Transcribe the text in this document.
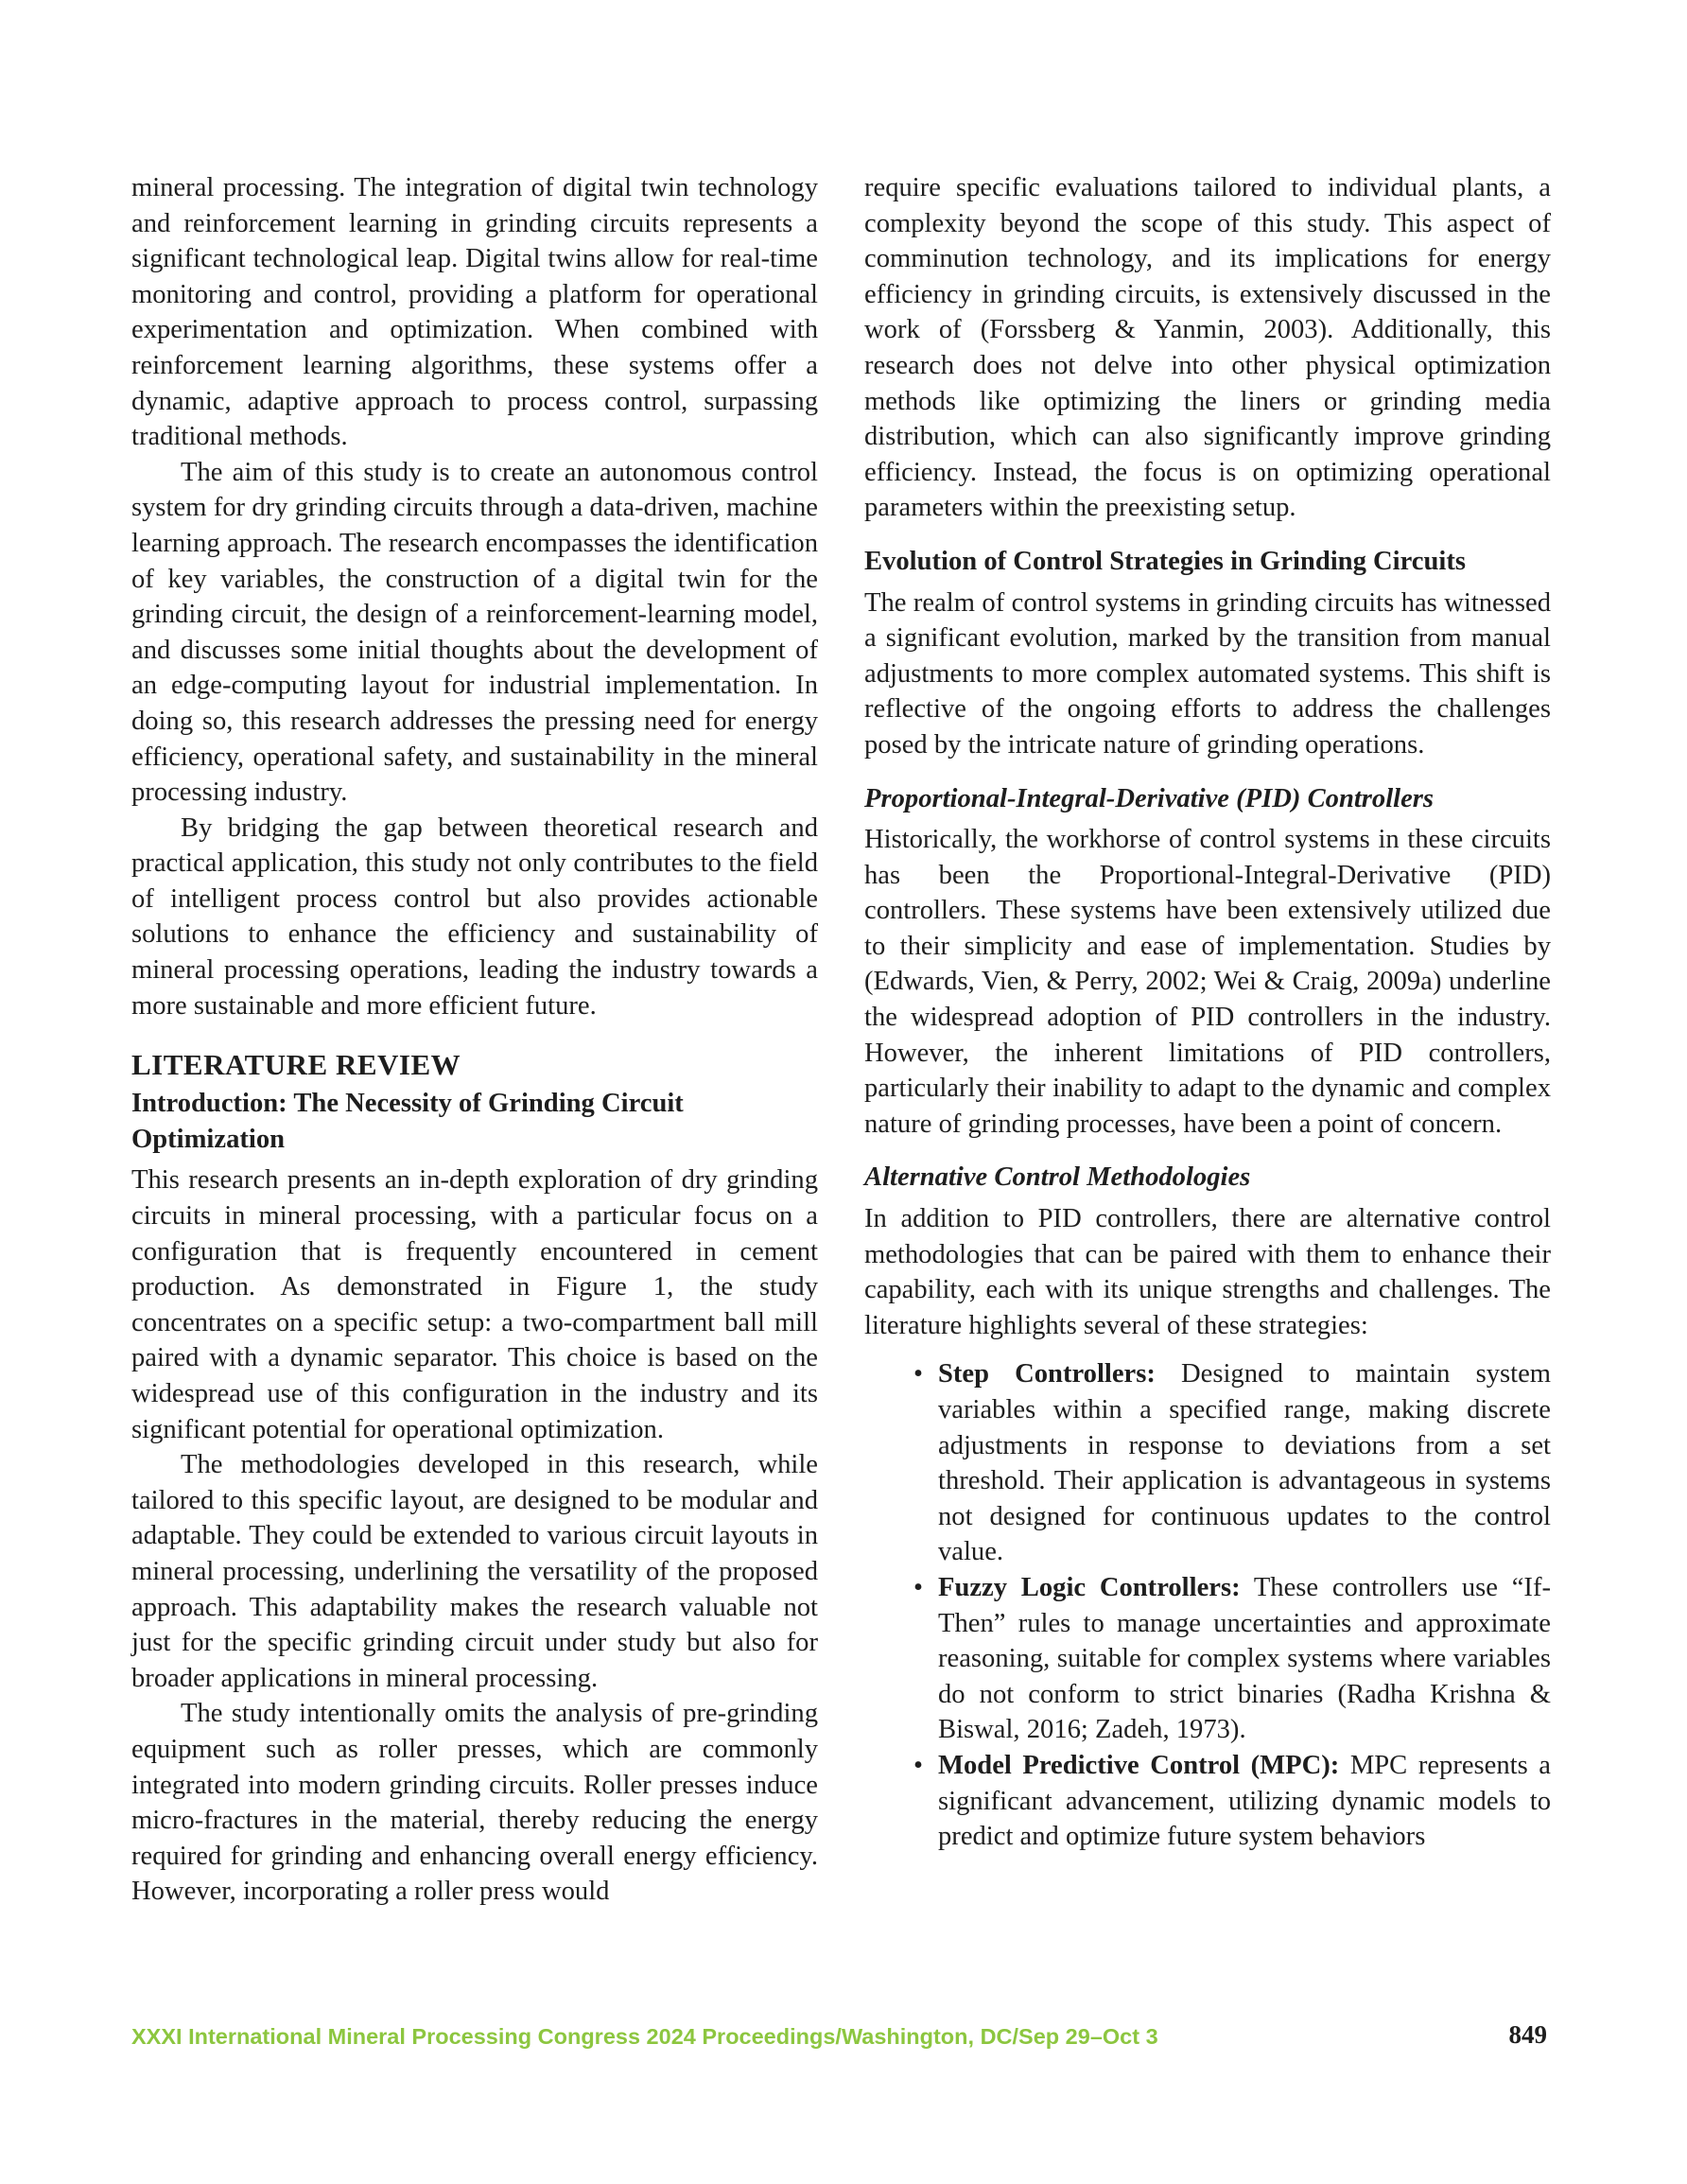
mineral processing. The integration of digital twin technology and reinforcement learning in grinding circuits represents a significant technological leap. Digital twins allow for real-time monitoring and control, providing a platform for operational experimentation and optimization. When combined with reinforcement learning algorithms, these systems offer a dynamic, adaptive approach to process control, surpassing traditional methods.

The aim of this study is to create an autonomous control system for dry grinding circuits through a data-driven, machine learning approach. The research encompasses the identification of key variables, the construction of a digital twin for the grinding circuit, the design of a reinforcement-learning model, and discusses some initial thoughts about the development of an edge-computing layout for industrial implementation. In doing so, this research addresses the pressing need for energy efficiency, operational safety, and sustainability in the mineral processing industry.

By bridging the gap between theoretical research and practical application, this study not only contributes to the field of intelligent process control but also provides actionable solutions to enhance the efficiency and sustainability of mineral processing operations, leading the industry towards a more sustainable and more efficient future.

LITERATURE REVIEW
Introduction: The Necessity of Grinding Circuit Optimization

This research presents an in-depth exploration of dry grinding circuits in mineral processing, with a particular focus on a configuration that is frequently encountered in cement production. As demonstrated in Figure 1, the study concentrates on a specific setup: a two-compartment ball mill paired with a dynamic separator. This choice is based on the widespread use of this configuration in the industry and its significant potential for operational optimization.

The methodologies developed in this research, while tailored to this specific layout, are designed to be modular and adaptable. They could be extended to various circuit layouts in mineral processing, underlining the versatility of the proposed approach. This adaptability makes the research valuable not just for the specific grinding circuit under study but also for broader applications in mineral processing.

The study intentionally omits the analysis of pre-grinding equipment such as roller presses, which are commonly integrated into modern grinding circuits. Roller presses induce micro-fractures in the material, thereby reducing the energy required for grinding and enhancing overall energy efficiency. However, incorporating a roller press would

require specific evaluations tailored to individual plants, a complexity beyond the scope of this study. This aspect of comminution technology, and its implications for energy efficiency in grinding circuits, is extensively discussed in the work of (Forssberg & Yanmin, 2003). Additionally, this research does not delve into other physical optimization methods like optimizing the liners or grinding media distribution, which can also significantly improve grinding efficiency. Instead, the focus is on optimizing operational parameters within the preexisting setup.

Evolution of Control Strategies in Grinding Circuits

The realm of control systems in grinding circuits has witnessed a significant evolution, marked by the transition from manual adjustments to more complex automated systems. This shift is reflective of the ongoing efforts to address the challenges posed by the intricate nature of grinding operations.

Proportional-Integral-Derivative (PID) Controllers

Historically, the workhorse of control systems in these circuits has been the Proportional-Integral-Derivative (PID) controllers. These systems have been extensively utilized due to their simplicity and ease of implementation. Studies by (Edwards, Vien, & Perry, 2002; Wei & Craig, 2009a) underline the widespread adoption of PID controllers in the industry. However, the inherent limitations of PID controllers, particularly their inability to adapt to the dynamic and complex nature of grinding processes, have been a point of concern.

Alternative Control Methodologies

In addition to PID controllers, there are alternative control methodologies that can be paired with them to enhance their capability, each with its unique strengths and challenges. The literature highlights several of these strategies:

• Step Controllers: Designed to maintain system variables within a specified range, making discrete adjustments in response to deviations from a set threshold. Their application is advantageous in systems not designed for continuous updates to the control value.
• Fuzzy Logic Controllers: These controllers use “If-Then” rules to manage uncertainties and approximate reasoning, suitable for complex systems where variables do not conform to strict binaries (Radha Krishna & Biswal, 2016; Zadeh, 1973).
• Model Predictive Control (MPC): MPC represents a significant advancement, utilizing dynamic models to predict and optimize future system behaviors
XXXI International Mineral Processing Congress 2024 Proceedings/Washington, DC/Sep 29–Oct 3	849
